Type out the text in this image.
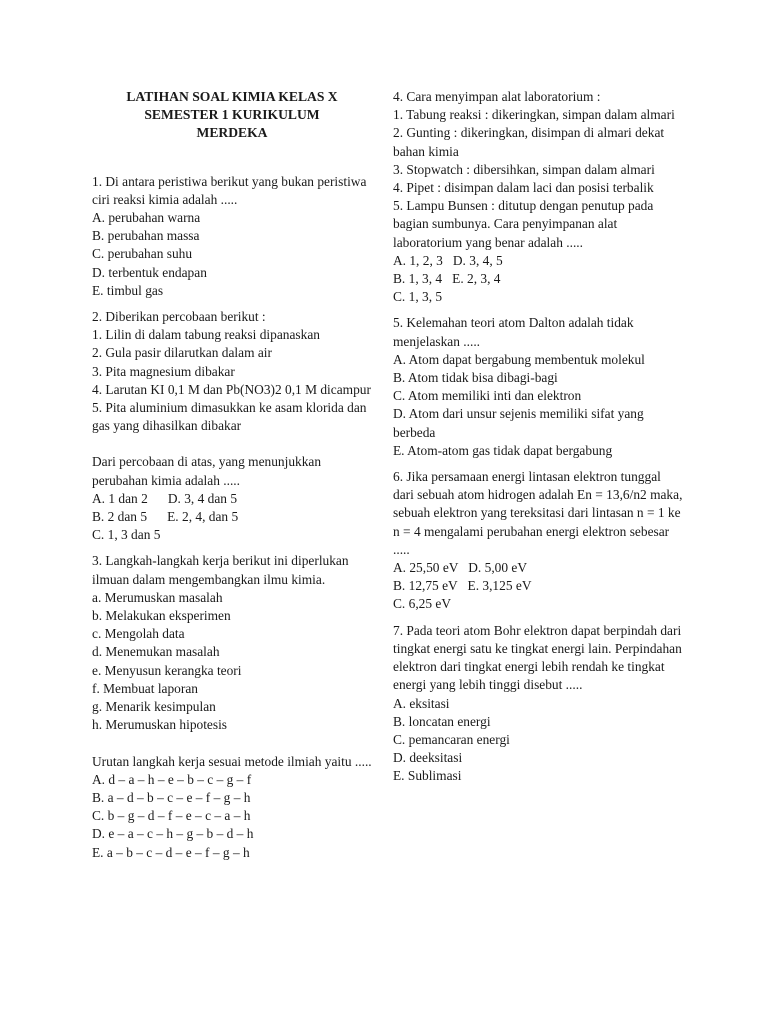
LATIHAN SOAL KIMIA KELAS X
SEMESTER 1 KURIKULUM
MERDEKA
1. Di antara peristiwa berikut yang bukan peristiwa ciri reaksi kimia adalah .....
A. perubahan warna
B. perubahan massa
C. perubahan suhu
D. terbentuk endapan
E. timbul gas
2. Diberikan percobaan berikut :
1. Lilin di dalam tabung reaksi dipanaskan
2. Gula pasir dilarutkan dalam air
3. Pita magnesium dibakar
4. Larutan KI 0,1 M dan Pb(NO3)2 0,1 M dicampur
5. Pita aluminium dimasukkan ke asam klorida dan gas yang dihasilkan dibakar
Dari percobaan di atas, yang menunjukkan perubahan kimia adalah .....
A. 1 dan 2      D. 3, 4 dan 5
B. 2 dan 5      E. 2, 4, dan 5
C. 1, 3 dan 5
3. Langkah-langkah kerja berikut ini diperlukan ilmuan dalam mengembangkan ilmu kimia.
a. Merumuskan masalah
b. Melakukan eksperimen
c. Mengolah data
d. Menemukan masalah
e. Menyusun kerangka teori
f. Membuat laporan
g. Menarik kesimpulan
h. Merumuskan hipotesis
Urutan langkah kerja sesuai metode ilmiah yaitu .....
A. d – a – h – e – b – c – g – f
B. a – d – b – c – e – f – g – h
C. b – g – d – f – e – c – a – h
D. e – a – c – h – g – b – d – h
E. a – b – c – d – e – f – g – h
4. Cara menyimpan alat laboratorium :
1. Tabung reaksi : dikeringkan, simpan dalam almari
2. Gunting : dikeringkan, disimpan di almari dekat bahan kimia
3. Stopwatch : dibersihkan, simpan dalam almari
4. Pipet : disimpan dalam laci dan posisi terbalik
5. Lampu Bunsen : ditutup dengan penutup pada bagian sumbunya. Cara penyimpanan alat laboratorium yang benar adalah .....
A. 1, 2, 3   D. 3, 4, 5
B. 1, 3, 4   E. 2, 3, 4
C. 1, 3, 5
5. Kelemahan teori atom Dalton adalah tidak menjelaskan .....
A. Atom dapat bergabung membentuk molekul
B. Atom tidak bisa dibagi-bagi
C. Atom memiliki inti dan elektron
D. Atom dari unsur sejenis memiliki sifat yang berbeda
E. Atom-atom gas tidak dapat bergabung
6. Jika persamaan energi lintasan elektron tunggal dari sebuah atom hidrogen adalah En = 13,6/n2 maka, sebuah elektron yang tereksitasi dari lintasan n = 1 ke n = 4 mengalami perubahan energi elektron sebesar .....
A. 25,50 eV   D. 5,00 eV
B. 12,75 eV   E. 3,125 eV
C. 6,25 eV
7. Pada teori atom Bohr elektron dapat berpindah dari tingkat energi satu ke tingkat energi lain. Perpindahan elektron dari tingkat energi lebih rendah ke tingkat energi yang lebih tinggi disebut .....
A. eksitasi
B. loncatan energi
C. pemancaran energi
D. deeksitasi
E. Sublimasi
